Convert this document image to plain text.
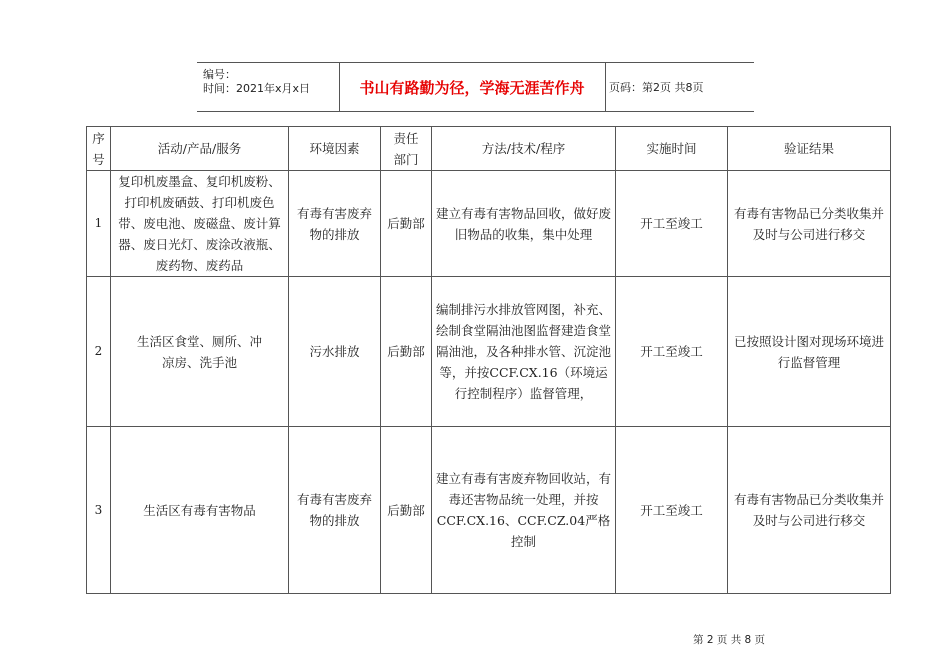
编号：
时间：2021年x月x日	书山有路勤为径，学海无涯苦作舟	页码：第2页 共8页
序号	活动/产品/服务	环境因素	责任部门	方法/技术/程序	实施时间	验证结果
1	复印机废墨盒、复印机废粉、打印机废硒鼓、打印机废色带、废电池、废磁盘、废计算器、废日光灯、废涂改液瓶、废药物、废药品	有毒有害废弃物的排放	后勤部	建立有毒有害物品回收，做好废旧物品的收集，集中处理	开工至竣工	有毒有害物品已分类收集并及时与公司进行移交
2	生活区食堂、厕所、冲凉房、洗手池	污水排放	后勤部	编制排污水排放管网图，补充、绘制食堂隔油池图监督建造食堂隔油池，及各种排水管、沉淀池等，并按CCF.CX.16（环境运行控制程序）监督管理，	开工至竣工	已按照设计图对现场环境进行监督管理
3	生活区有毒有害物品	有毒有害废弃物的排放	后勤部	建立有毒有害废弃物回收站，有毒还害物品统一处理，并按CCF.CX.16、CCF.CZ.04严格控制	开工至竣工	有毒有害物品已分类收集并及时与公司进行移交
第 2 页 共 8 页
